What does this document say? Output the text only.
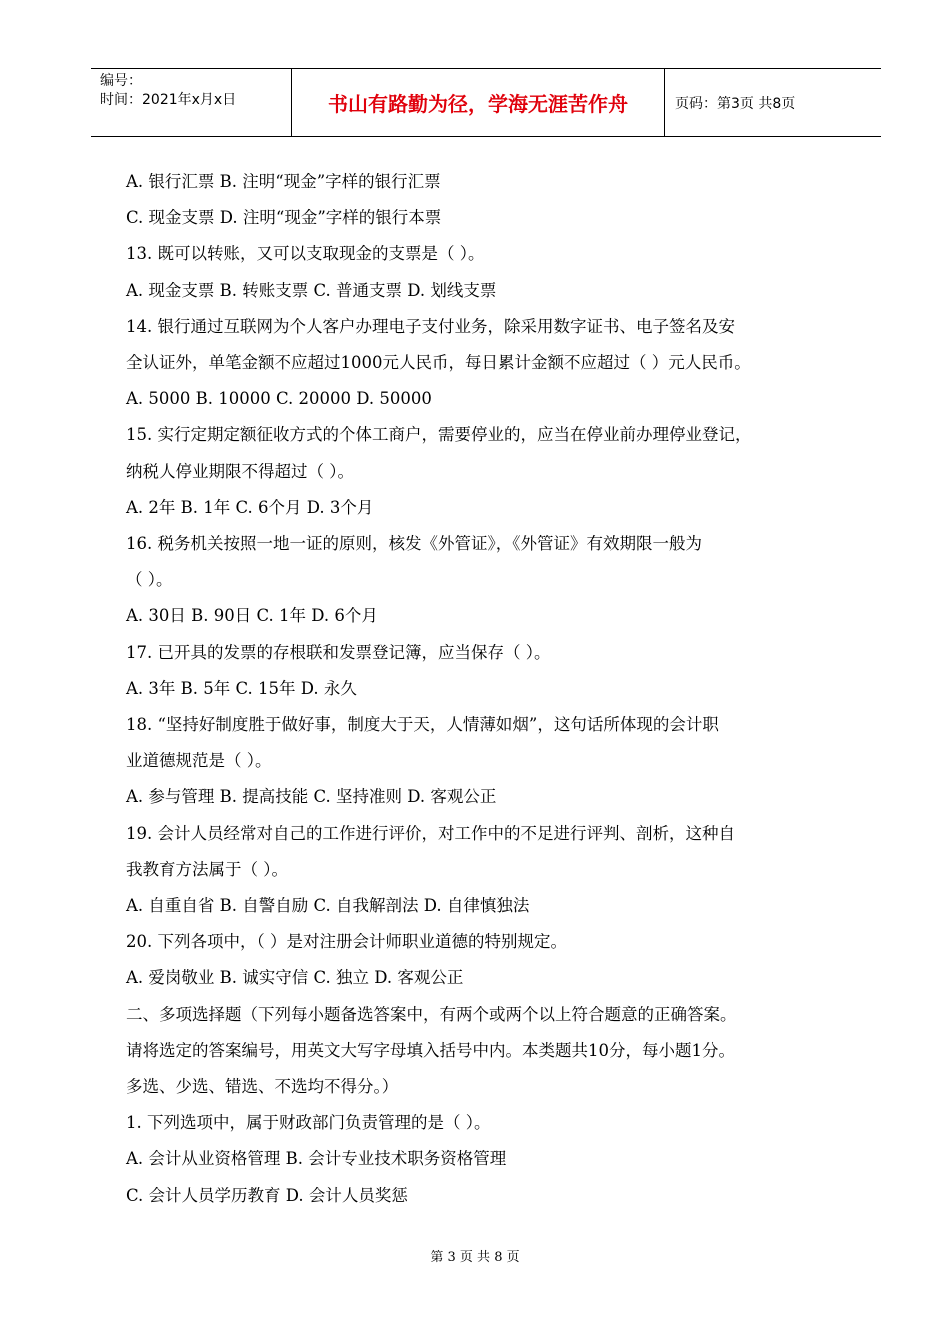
编号：
时间：2021年x月x日	书山有路勤为径，学海无涯苦作舟	页码：第3页 共8页

A. 银行汇票 B. 注明“现金”字样的银行汇票

C. 现金支票 D. 注明“现金”字样的银行本票

13. 既可以转账，又可以支取现金的支票是（ ）。

A. 现金支票 B. 转账支票 C. 普通支票 D. 划线支票

14. 银行通过互联网为个人客户办理电子支付业务，除采用数字证书、电子签名及安

全认证外，单笔金额不应超过1000元人民币，每日累计金额不应超过（ ）元人民币。

A. 5000 B. 10000 C. 20000 D. 50000

15. 实行定期定额征收方式的个体工商户，需要停业的，应当在停业前办理停业登记，

纳税人停业期限不得超过（ ）。

A. 2年 B. 1年 C. 6个月 D. 3个月

16. 税务机关按照一地一证的原则，核发《外管证》，《外管证》有效期限一般为

（ ）。

A. 30日 B. 90日 C. 1年 D. 6个月

17. 已开具的发票的存根联和发票登记簿，应当保存（ ）。

A. 3年 B. 5年 C. 15年 D. 永久

18. “坚持好制度胜于做好事，制度大于天，人情薄如烟”，这句话所体现的会计职

业道德规范是（ ）。

A. 参与管理 B. 提高技能 C. 坚持准则 D. 客观公正

19. 会计人员经常对自己的工作进行评价，对工作中的不足进行评判、剖析，这种自

我教育方法属于（ ）。

A. 自重自省 B. 自警自励 C. 自我解剖法 D. 自律慎独法

20. 下列各项中，（ ）是对注册会计师职业道德的特别规定。

A. 爱岗敬业 B. 诚实守信 C. 独立 D. 客观公正

二、多项选择题（下列每小题备选答案中，有两个或两个以上符合题意的正确答案。

请将选定的答案编号，用英文大写字母填入括号中内。本类题共10分，每小题1分。

多选、少选、错选、不选均不得分。）

1. 下列选项中，属于财政部门负责管理的是（ ）。

A. 会计从业资格管理 B. 会计专业技术职务资格管理

C. 会计人员学历教育 D. 会计人员奖惩

第 3 页 共 8 页
